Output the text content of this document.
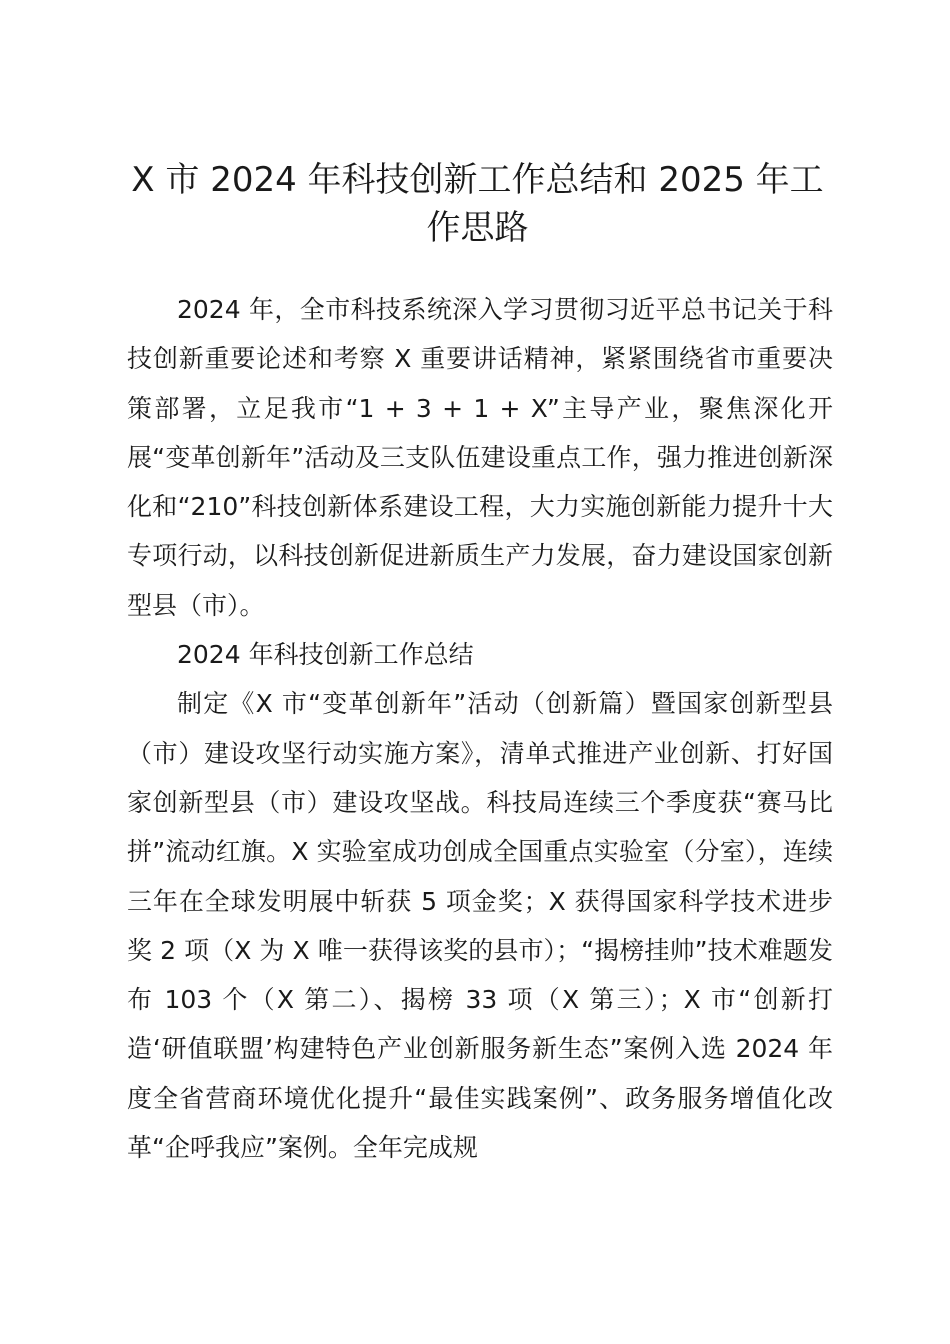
X 市 2024 年科技创新工作总结和 2025 年工作思路

2024 年，全市科技系统深入学习贯彻习近平总书记关于科技创新重要论述和考察 X 重要讲话精神，紧紧围绕省市重要决策部署，立足我市“1 + 3 + 1 + X”主导产业，聚焦深化开展“变革创新年”活动及三支队伍建设重点工作，强力推进创新深化和“210”科技创新体系建设工程，大力实施创新能力提升十大专项行动，以科技创新促进新质生产力发展，奋力建设国家创新型县（市）。

2024 年科技创新工作总结

制定《X 市“变革创新年”活动（创新篇）暨国家创新型县（市）建设攻坚行动实施方案》，清单式推进产业创新、打好国家创新型县（市）建设攻坚战。科技局连续三个季度获“赛马比拼”流动红旗。X 实验室成功创成全国重点实验室（分室），连续三年在全球发明展中斩获 5 项金奖；X 获得国家科学技术进步奖 2 项（X 为 X 唯一获得该奖的县市）；“揭榜挂帅”技术难题发布 103 个（X 第二）、揭榜 33 项（X 第三）；X 市“创新打造‘研值联盟’构建特色产业创新服务新生态”案例入选 2024 年度全省营商环境优化提升“最佳实践案例”、政务服务增值化改革“企呼我应”案例。全年完成规
